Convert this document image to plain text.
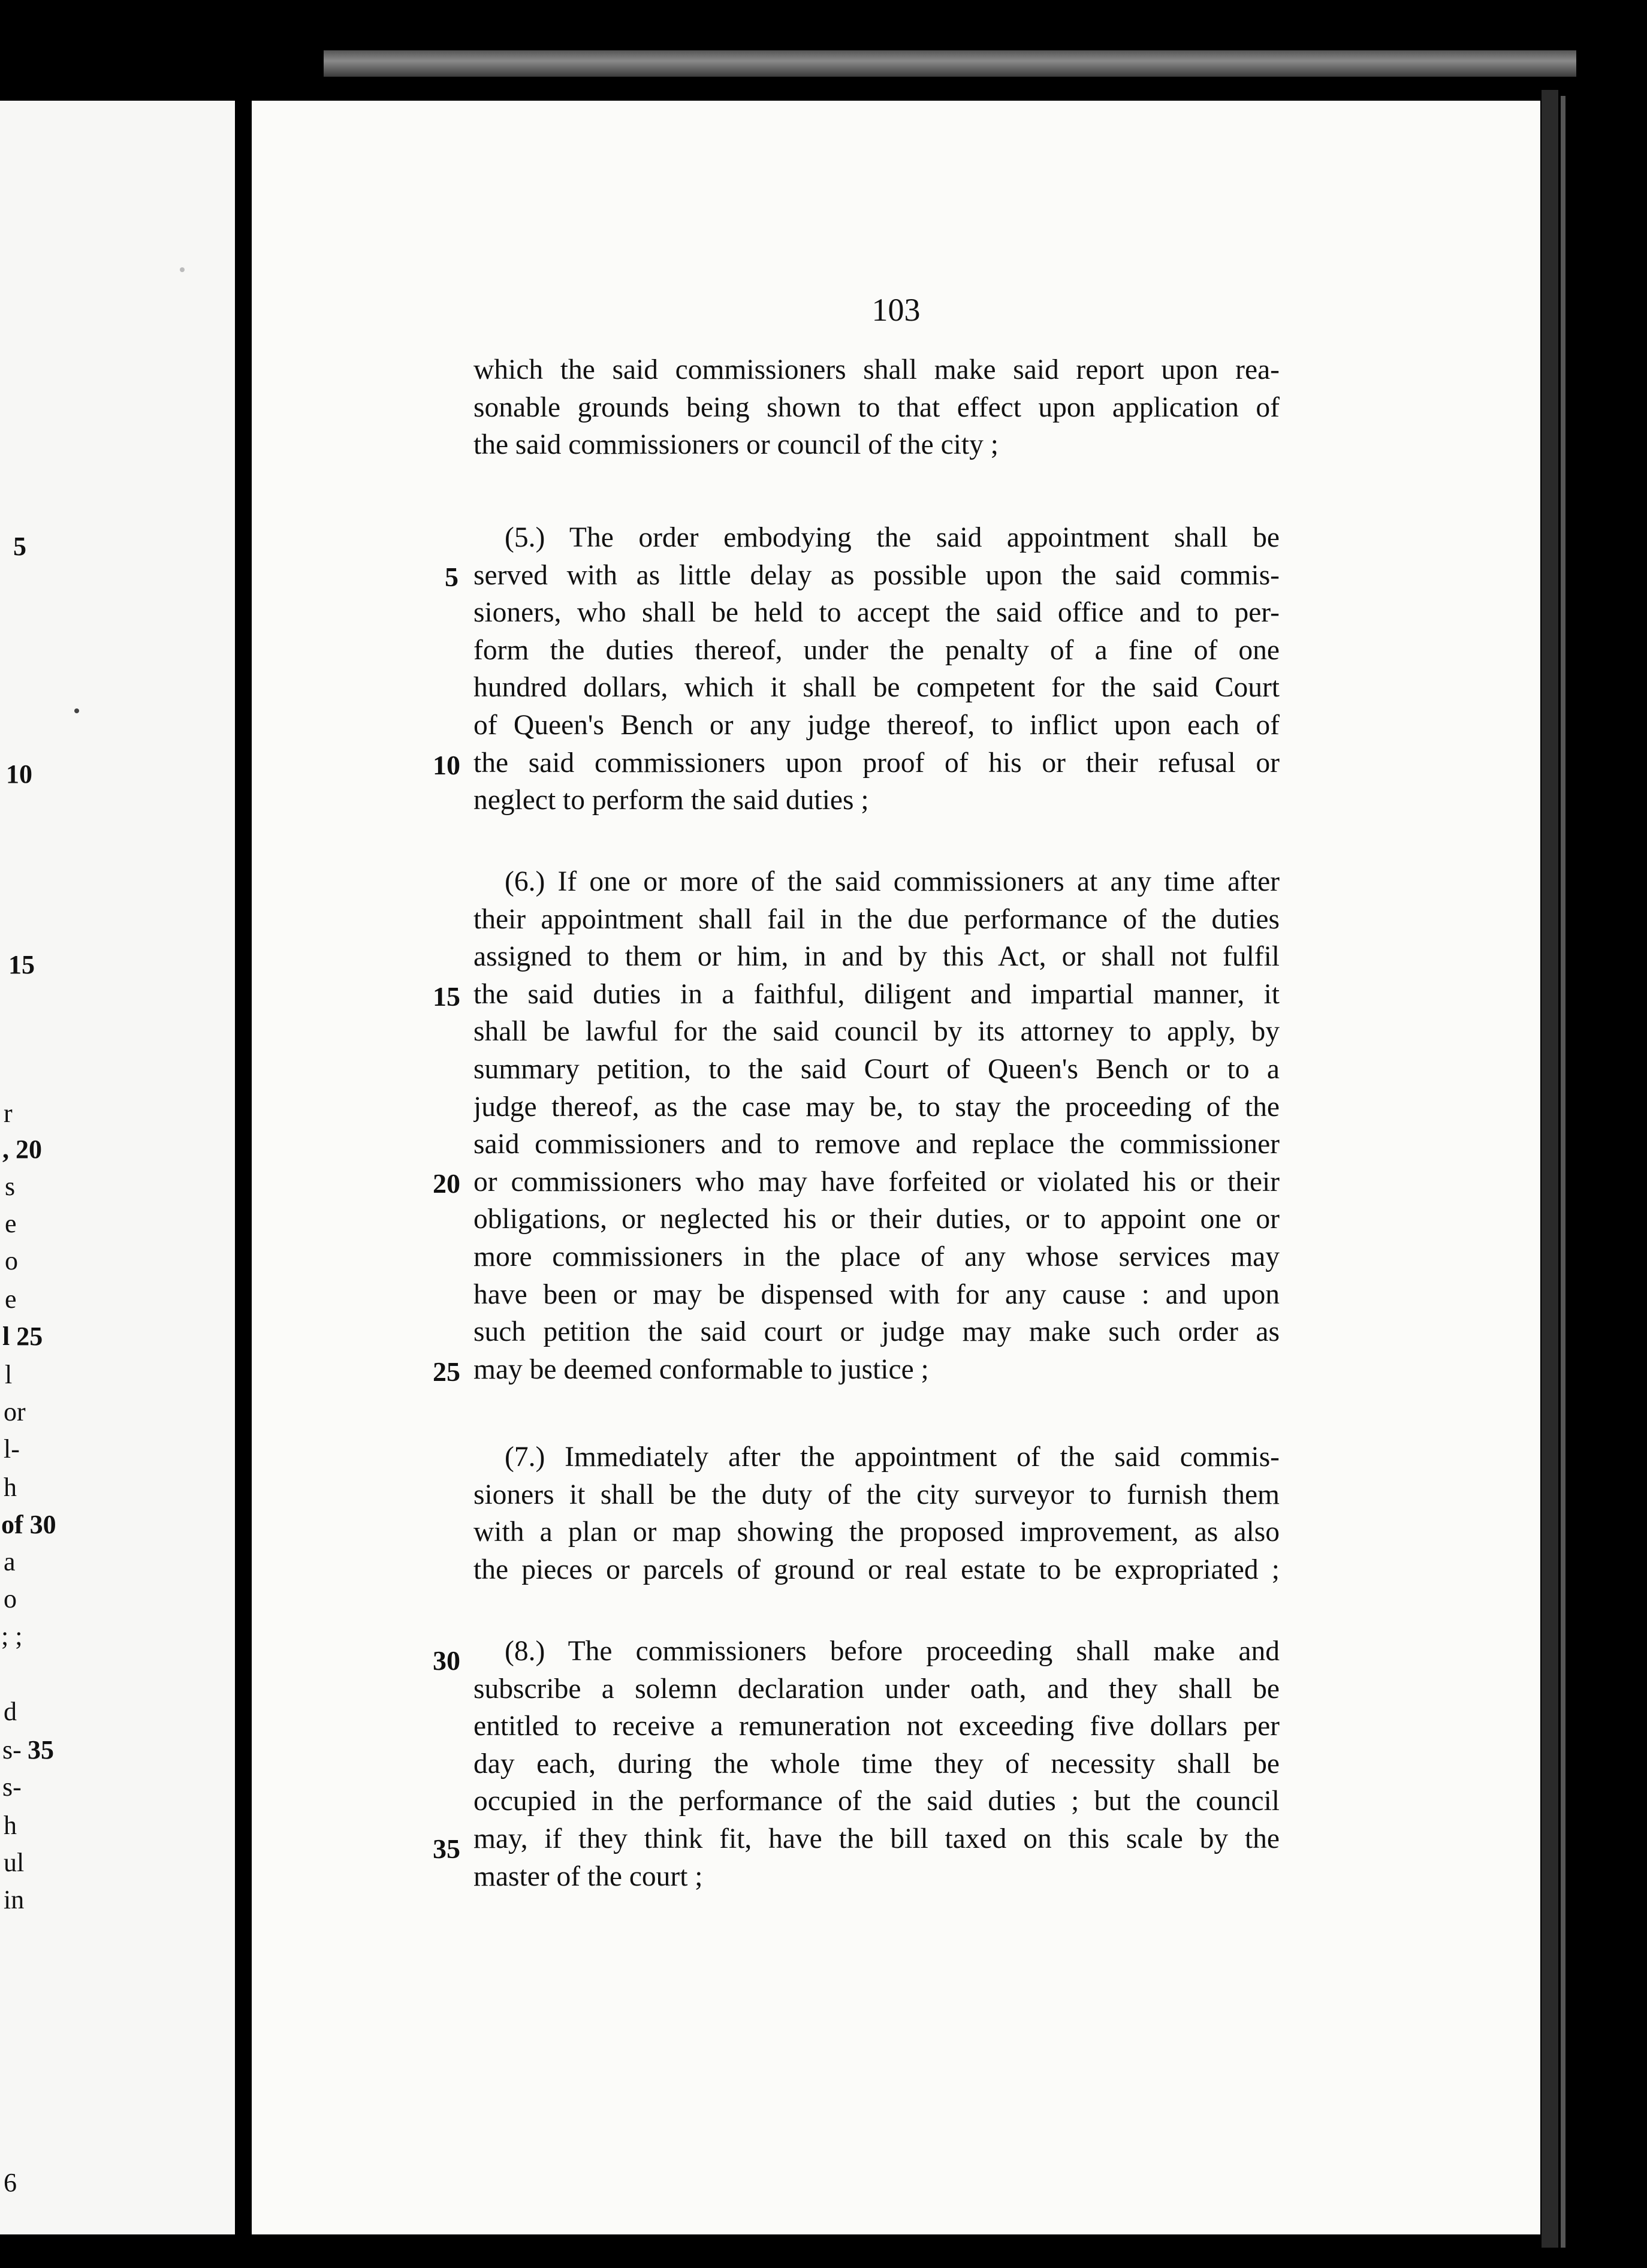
5
10
15
r
, 20
s
e
o
e
l 25
l
or
l-
h
of 30
a
o
; ;
d
35
s-
s-
h
ul
in
6
103
which the said commissioners shall make said report upon rea-
sonable grounds being shown to that effect upon application of
the said commissioners or council of the city ;
(5.) The order embodying the said appointment shall be
served with as little delay as possible upon the said commis-
sioners, who shall be held to accept the said office and to per-
form the duties thereof, under the penalty of a fine of one
hundred dollars, which it shall be competent for the said Court
of Queen's Bench or any judge thereof, to inflict upon each of
the said commissioners upon proof of his or their refusal or
neglect to perform the said duties ;
(6.) If one or more of the said commissioners at any time after
their appointment shall fail in the due performance of the duties
assigned to them or him, in and by this Act, or shall not fulfil
the said duties in a faithful, diligent and impartial manner, it
shall be lawful for the said council by its attorney to apply, by
summary petition, to the said Court of Queen's Bench or to a
judge thereof, as the case may be, to stay the proceeding of the
said commissioners and to remove and replace the commissioner
or commissioners who may have forfeited or violated his or their
obligations, or neglected his or their duties, or to appoint one or
more commissioners in the place of any whose services may
have been or may be dispensed with for any cause : and upon
such petition the said court or judge may make such order as
may be deemed conformable to justice ;
(7.) Immediately after the appointment of the said commis-
sioners it shall be the duty of the city surveyor to furnish them
with a plan or map showing the proposed improvement, as also
the pieces or parcels of ground or real estate to be expropriated ;
(8.) The commissioners before proceeding shall make and
subscribe a solemn declaration under oath, and they shall be
entitled to receive a remuneration not exceeding five dollars per
day each, during the whole time they of necessity shall be
occupied in the performance of the said duties ; but the council
may, if they think fit, have the bill taxed on this scale by the
master of the court ;
5
10
15
20
25
30
35
